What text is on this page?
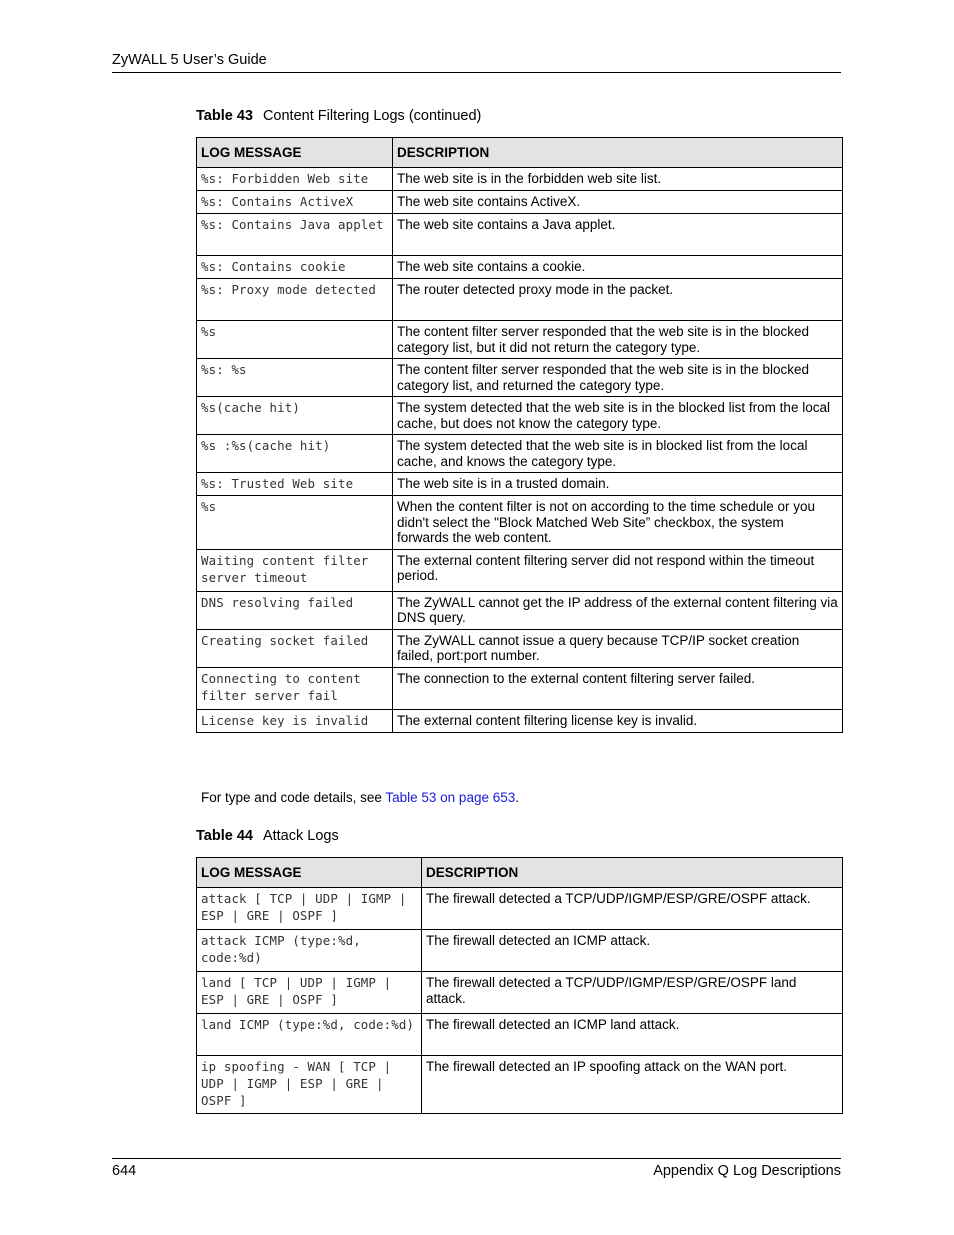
ZyWALL 5 User’s Guide
Table 43 Content Filtering Logs (continued)
LOG MESSAGE	DESCRIPTION
%s: Forbidden Web site	The web site is in the forbidden web site list.
%s: Contains ActiveX	The web site contains ActiveX.
%s: Contains Java applet	The web site contains a Java applet.
%s: Contains cookie	The web site contains a cookie.
%s: Proxy mode detected	The router detected proxy mode in the packet.
%s	The content filter server responded that the web site is in the blocked category list, but it did not return the category type.
%s: %s	The content filter server responded that the web site is in the blocked category list, and returned the category type.
%s(cache hit)	The system detected that the web site is in the blocked list from the local cache, but does not know the category type.
%s :%s(cache hit)	The system detected that the web site is in blocked list from the local cache, and knows the category type.
%s: Trusted Web site	The web site is in a trusted domain.
%s	When the content filter is not on according to the time schedule or you didn't select the "Block Matched Web Site” checkbox, the system forwards the web content.
Waiting content filter server timeout	The external content filtering server did not respond within the timeout period.
DNS resolving failed	The ZyWALL cannot get the IP address of the external content filtering via DNS query.
Creating socket failed	The ZyWALL cannot issue a query because TCP/IP socket creation failed, port:port number.
Connecting to content filter server fail	The connection to the external content filtering server failed.
License key is invalid	The external content filtering license key is invalid.
For type and code details, see Table 53 on page 653.
Table 44 Attack Logs
LOG MESSAGE	DESCRIPTION
attack [ TCP | UDP | IGMP | ESP | GRE | OSPF ]	The firewall detected a TCP/UDP/IGMP/ESP/GRE/OSPF attack.
attack ICMP (type:%d, code:%d)	The firewall detected an ICMP attack.
land [ TCP | UDP | IGMP | ESP | GRE | OSPF ]	The firewall detected a TCP/UDP/IGMP/ESP/GRE/OSPF land attack.
land ICMP (type:%d, code:%d)	The firewall detected an ICMP land attack.
ip spoofing - WAN [ TCP | UDP | IGMP | ESP | GRE | OSPF ]	The firewall detected an IP spoofing attack on the WAN port.
644	Appendix Q Log Descriptions
